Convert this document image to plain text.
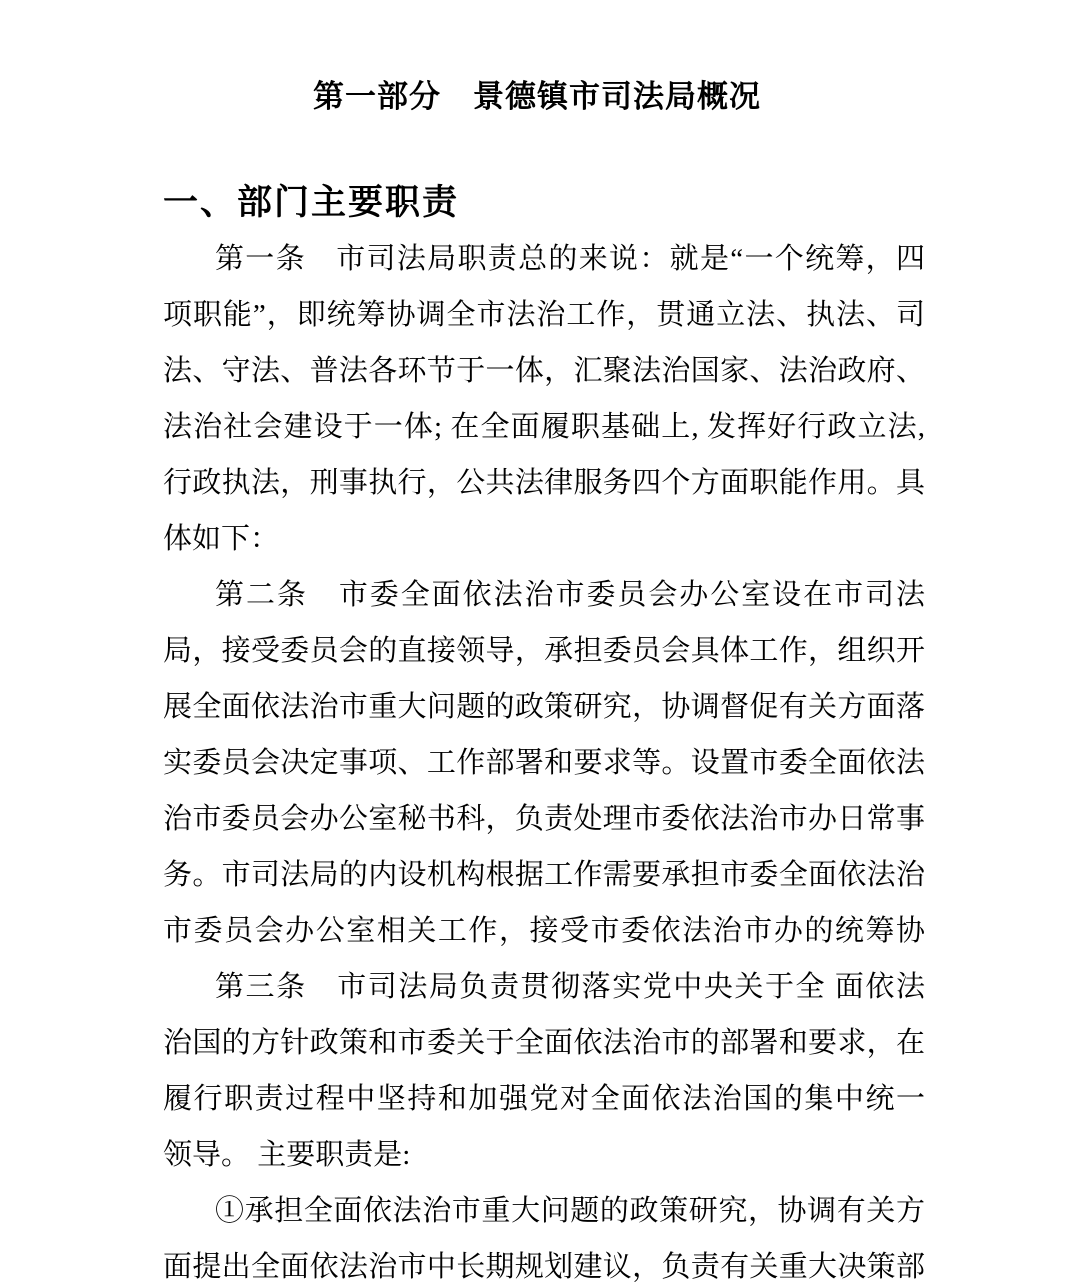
第一部分　景德镇市司法局概况
一、部门主要职责
第一条　市司法局职责总的来说：就是“一个统筹，四
项职能”，即统筹协调全市法治工作，贯通立法、执法、司
法、守法、普法各环节于一体，汇聚法治国家、法治政府、
法治社会建设于一体; 在全面履职基础上, 发挥好行政立法,
行政执法，刑事执行，公共法律服务四个方面职能作用。具
体如下：
第二条　市委全面依法治市委员会办公室设在市司法
局，接受委员会的直接领导，承担委员会具体工作，组织开
展全面依法治市重大问题的政策研究，协调督促有关方面落
实委员会决定事项、工作部署和要求等。设置市委全面依法
治市委员会办公室秘书科，负责处理市委依法治市办日常事
务。市司法局的内设机构根据工作需要承担市委全面依法治
市委员会办公室相关工作，接受市委依法治市办的统筹协
第三条　市司法局负责贯彻落实党中央关于全 面依法
治国的方针政策和市委关于全面依法治市的部署和要求，在
履行职责过程中坚持和加强党对全面依法治国的集中统一
领导。 主要职责是:
①承担全面依法治市重大问题的政策研究，协调有关方
面提出全面依法治市中长期规划建议，负责有关重大决策部
